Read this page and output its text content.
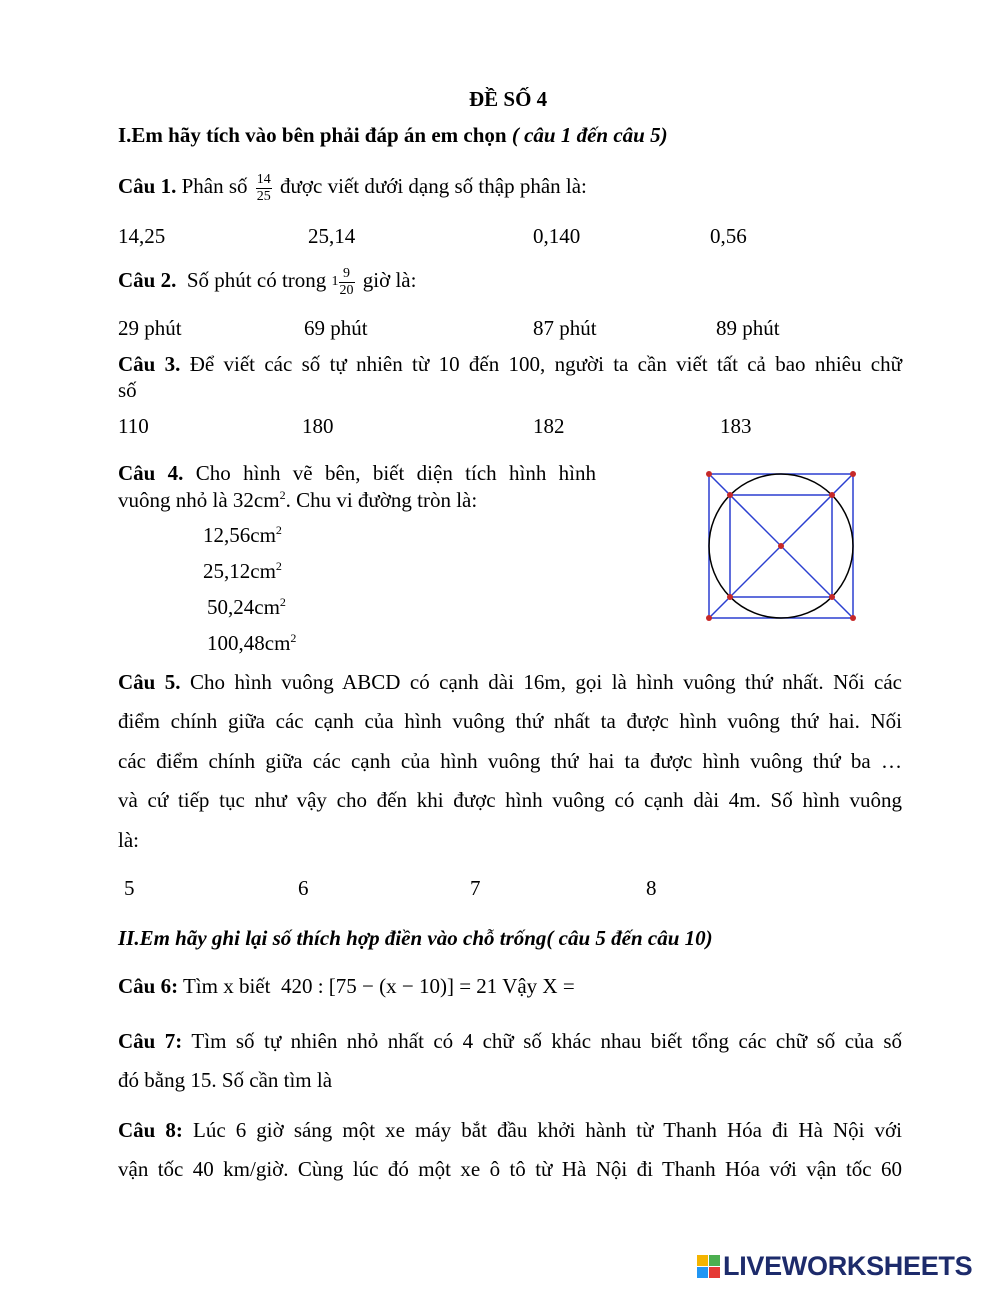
ĐỀ SỐ 4
I.Em hãy tích vào bên phải đáp án em chọn ( câu 1 đến câu 5)
Câu 1. Phân số $\frac{14}{25}$ được viết dưới dạng số thập phân là:
14,25	25,14	0,140	0,56
Câu 2. Số phút có trong $1 \frac{9}{20}$ giờ là:
29 phút	69 phút	87 phút	89 phút
Câu 3. Để viết các số tự nhiên từ 10 đến 100, người ta cần viết tất cả bao nhiêu chữ
số
110	180	182	183
Câu 4. Cho hình vẽ bên, biết diện tích hình hình
vuông nhỏ là $32cm^2$. Chu vi đường tròn là:
$12,56cm^2$
$25,12cm^2$
$50,24cm^2$
$100,48cm^2$
Câu 5. Cho hình vuông ABCD có cạnh dài 16m, gọi là hình vuông thứ nhất. Nối các
điểm chính giữa các cạnh của hình vuông thứ nhất ta được hình vuông thứ hai. Nối
các điểm chính giữa các cạnh của hình vuông thứ hai ta được hình vuông thứ ba …
và cứ tiếp tục như vậy cho đến khi được hình vuông có cạnh dài 4m. Số hình vuông
là:
5	6	7	8
II.Em hãy ghi lại số thích hợp điền vào chỗ trống( câu 5 đến câu 10)
Câu 6: Tìm x biết 420 : [75 − (x − 10)] = 21 Vậy X =
Câu 7: Tìm số tự nhiên nhỏ nhất có 4 chữ số khác nhau biết tổng các chữ số của số
đó bằng 15. Số cần tìm là
Câu 8: Lúc 6 giờ sáng một xe máy bắt đầu khởi hành từ Thanh Hóa đi Hà Nội với
vận tốc 40 km/giờ. Cùng lúc đó một xe ô tô từ Hà Nội đi Thanh Hóa với vận tốc 60
LIVEWORKSHEETS
